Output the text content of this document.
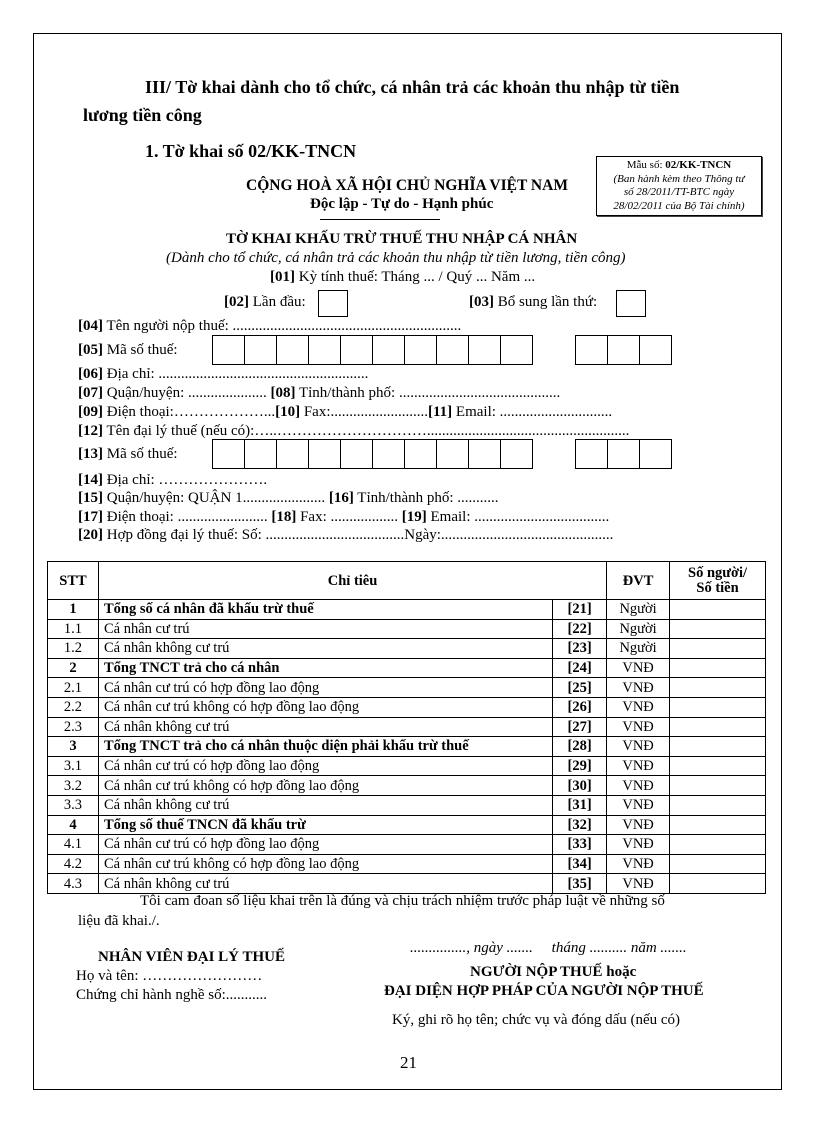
III/ Tờ khai dành cho tổ chức, cá nhân trả các khoản thu nhập từ tiền
lương tiền công
1. Tờ khai số 02/KK-TNCN
Mẫu số: 02/KK-TNCN
(Ban hành kèm theo Thông tư
số 28/2011/TT-BTC ngày
28/02/2011 của Bộ Tài chính)
CỘNG HOÀ XÃ HỘI CHỦ NGHĨA VIỆT NAM
Độc lập - Tự do - Hạnh phúc
TỜ KHAI KHẤU TRỪ THUẾ THU NHẬP CÁ NHÂN
(Dành cho tổ chức, cá nhân trả các khoản thu nhập từ tiền lương, tiền công)
[01] Kỳ tính thuế: Tháng ... / Quý ... Năm ...
[02] Lần đầu:	[03] Bổ sung lần thứ:
[04] Tên người nộp thuế: .............................................................
[05] Mã số thuế:
[06] Địa chỉ: ........................................................
[07] Quận/huyện: ..................... [08] Tỉnh/thành phố: ...........................................
[09] Điện thoại:………………...[10] Fax:..........................[11] Email: ..............................
[12] Tên đại lý thuế (nếu có):…..…………………………......................................................
[13] Mã số thuế:
[14] Địa chỉ: ………………….
[15] Quận/huyện: QUẬN 1...................... [16] Tỉnh/thành phố: ...........
[17] Điện thoại: ........................ [18] Fax: .................. [19] Email: ....................................
[20] Hợp đồng đại lý thuế: Số: .....................................Ngày:..............................................
STT	Chỉ tiêu		ĐVT	Số người/
Số tiền
1	Tổng số cá nhân đã khấu trừ thuế	[21]	Người	
1.1	Cá nhân cư trú	[22]	Người	
1.2	Cá nhân không cư trú	[23]	Người	
2	Tổng TNCT trả cho cá nhân	[24]	VNĐ	
2.1	Cá nhân cư trú có hợp đồng lao động	[25]	VNĐ	
2.2	Cá nhân cư trú không có hợp đồng lao động	[26]	VNĐ	
2.3	Cá nhân không cư trú	[27]	VNĐ	
3	Tổng TNCT trả cho cá nhân thuộc diện phải khấu trừ thuế	[28]	VNĐ	
3.1	Cá nhân cư trú có hợp đồng lao động	[29]	VNĐ	
3.2	Cá nhân cư trú không có hợp đồng lao động	[30]	VNĐ	
3.3	Cá nhân không cư trú	[31]	VNĐ	
4	Tổng số thuế TNCN đã khấu trừ	[32]	VNĐ	
4.1	Cá nhân cư trú có hợp đồng lao động	[33]	VNĐ	
4.2	Cá nhân cư trú không có hợp đồng lao động	[34]	VNĐ	
4.3	Cá nhân không cư trú	[35]	VNĐ	
Tôi cam đoan số liệu khai trên là đúng và chịu trách nhiệm trước pháp luật về những số
liệu đã khai./.
NHÂN VIÊN ĐẠI LÝ THUẾ
Họ và tên: ……………………
Chứng chỉ hành nghề số:...........
..............., ngày .......     tháng .......... năm .......
NGƯỜI NỘP THUẾ hoặc
ĐẠI DIỆN HỢP PHÁP CỦA NGƯỜI NỘP THUẾ
Ký, ghi rõ họ tên; chức vụ và đóng dấu (nếu có)
21
